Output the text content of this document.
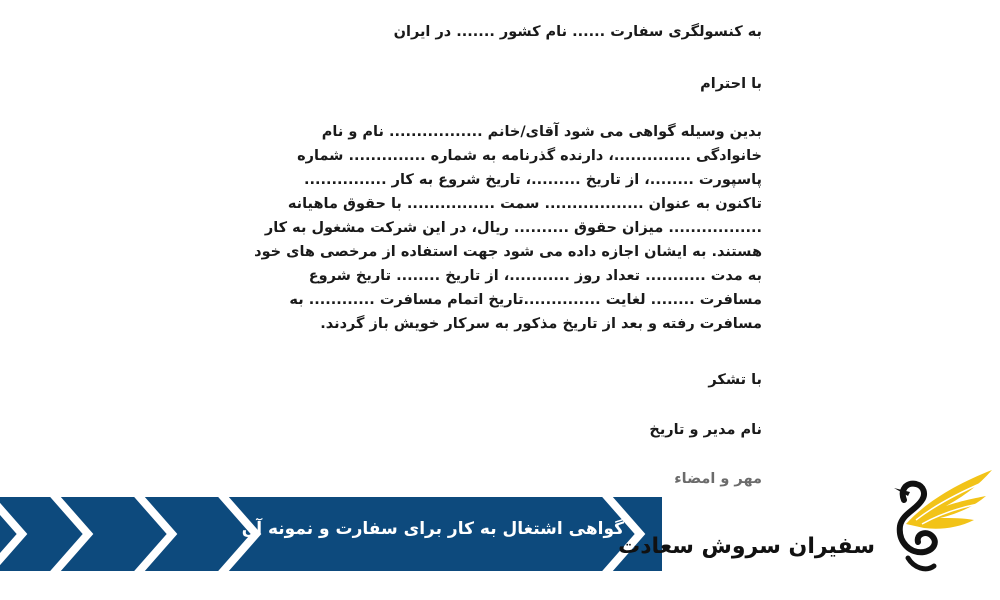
به کنسولگری سفارت ...... نام کشور ....... در ایران
با احترام
بدین وسیله گواهی می شود آقای/خانم ................. نام و نام
خانوادگی ..............، دارنده گذرنامه به شماره .............. شماره
پاسپورت ........، از تاریخ .........، تاریخ شروع به کار ...............
تاکنون به عنوان .................. سمت ................ با حقوق ماهیانه
................. میزان حقوق .......... ریال، در این شرکت مشغول به کار
هستند. به ایشان اجازه داده می شود جهت استفاده از مرخصی های خود
به مدت ........... تعداد روز ...........، از تاریخ ........ تاریخ شروع
مسافرت ........ لغایت ..............تاریخ اتمام مسافرت ............ به
مسافرت رفته و بعد از تاریخ مذکور به سرکار خویش باز گردند.
با تشکر
نام مدیر و تاریخ
مهر و امضاء
گواهی اشتغال به کار برای سفارت و نمونه آن
سفیران سروش سعادت
